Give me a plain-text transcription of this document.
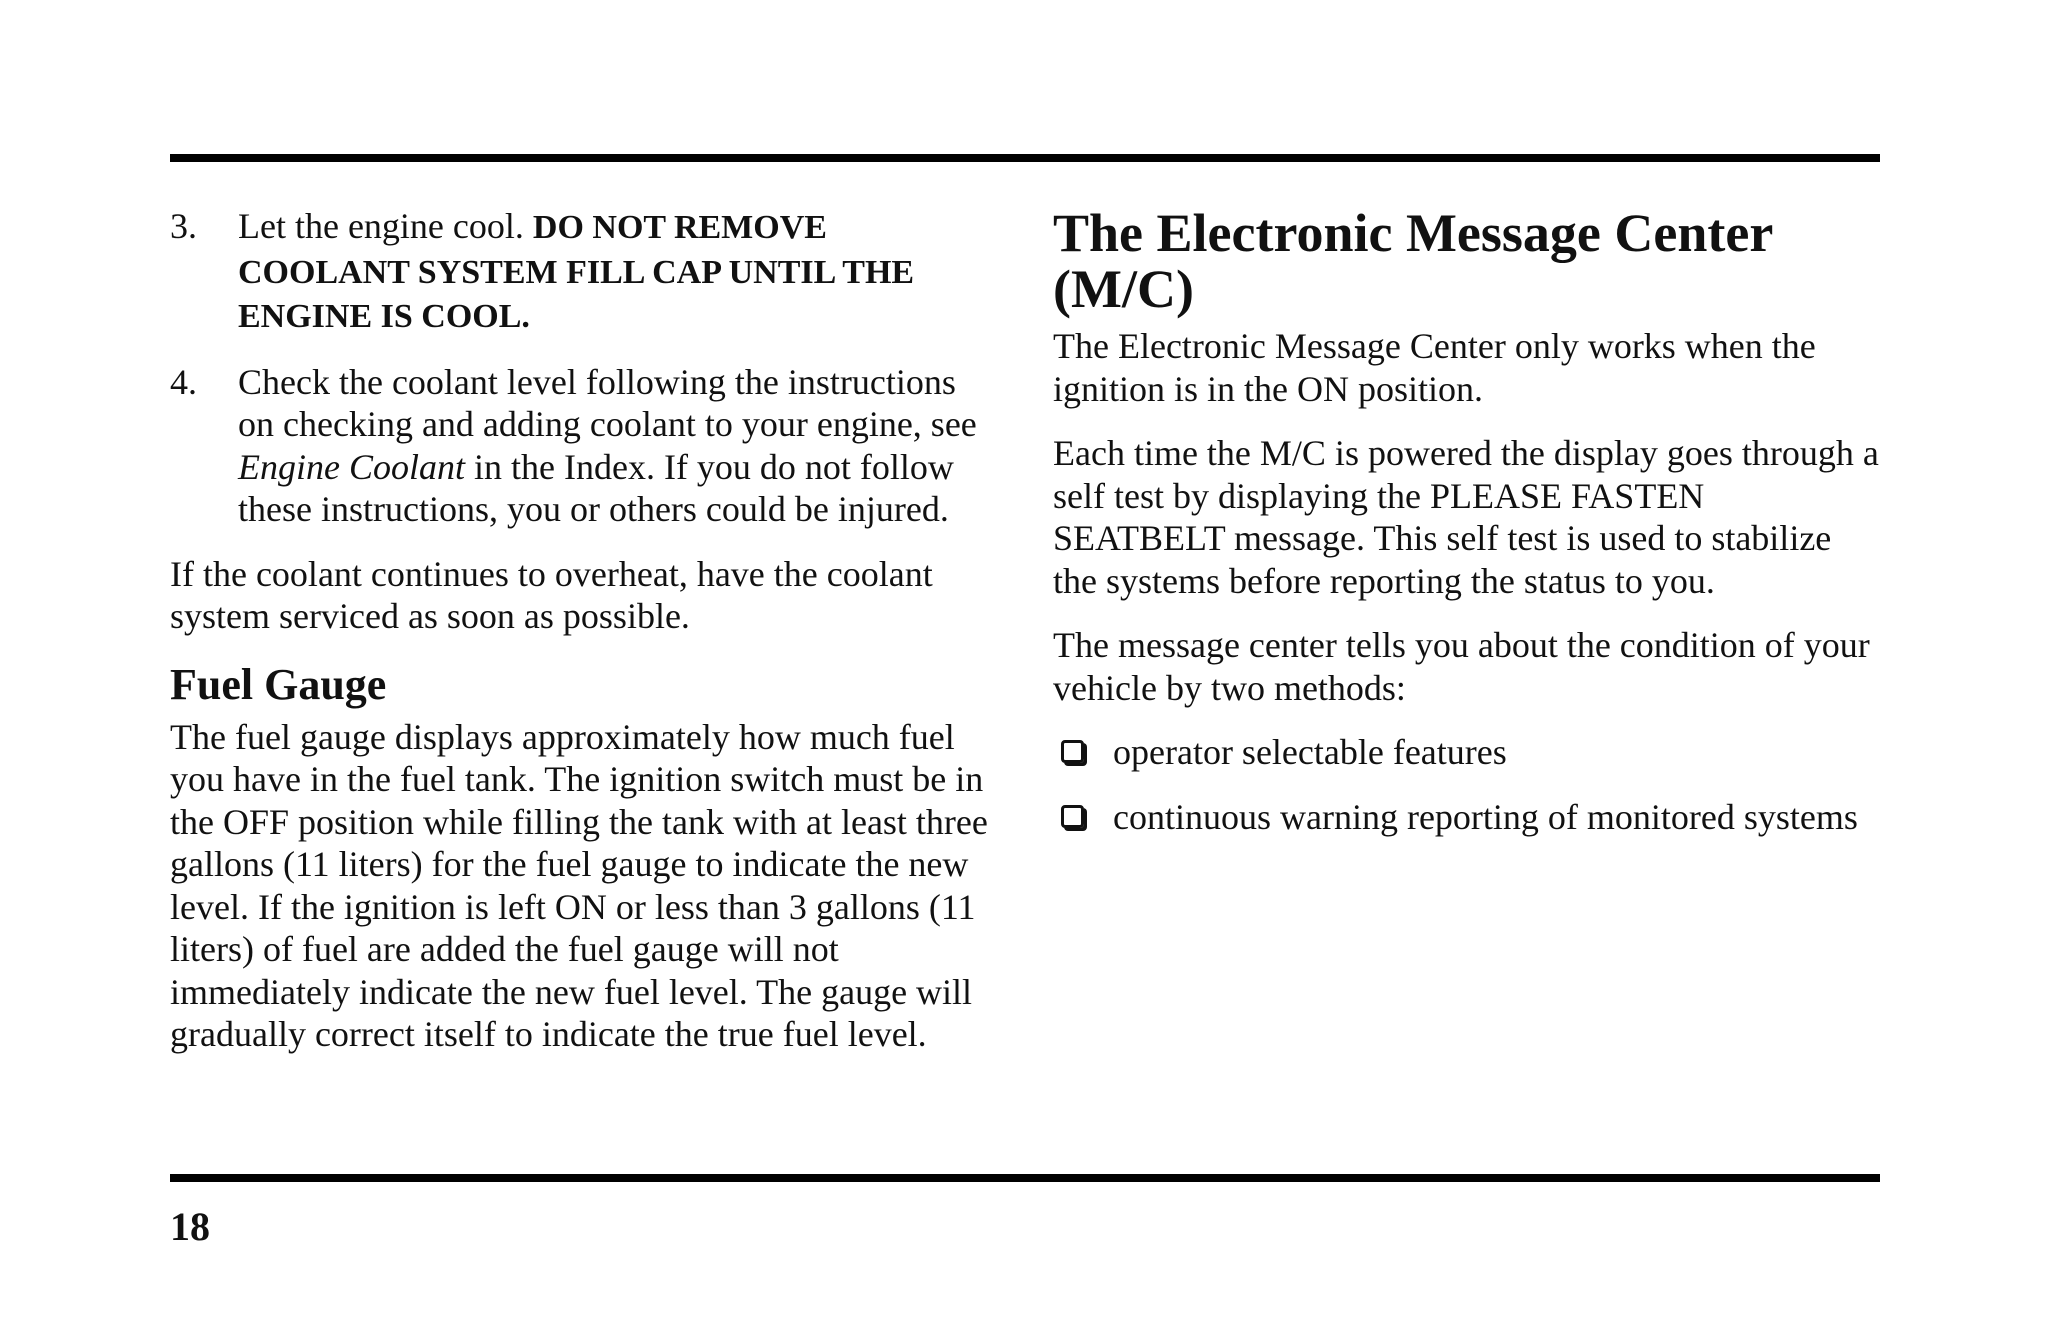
3. Let the engine cool. DO NOT REMOVE COOLANT SYSTEM FILL CAP UNTIL THE ENGINE IS COOL.
4. Check the coolant level following the instructions on checking and adding coolant to your engine, see Engine Coolant in the Index. If you do not follow these instructions, you or others could be injured.

If the coolant continues to overheat, have the coolant system serviced as soon as possible.

Fuel Gauge

The fuel gauge displays approximately how much fuel you have in the fuel tank. The ignition switch must be in the OFF position while filling the tank with at least three gallons (11 liters) for the fuel gauge to indicate the new level. If the ignition is left ON or less than 3 gallons (11 liters) of fuel are added the fuel gauge will not immediately indicate the new fuel level. The gauge will gradually correct itself to indicate the true fuel level.

The Electronic Message Center (M/C)

The Electronic Message Center only works when the ignition is in the ON position.

Each time the M/C is powered the display goes through a self test by displaying the PLEASE FASTEN SEATBELT message. This self test is used to stabilize the systems before reporting the status to you.

The message center tells you about the condition of your vehicle by two methods:

operator selectable features
continuous warning reporting of monitored systems
18
